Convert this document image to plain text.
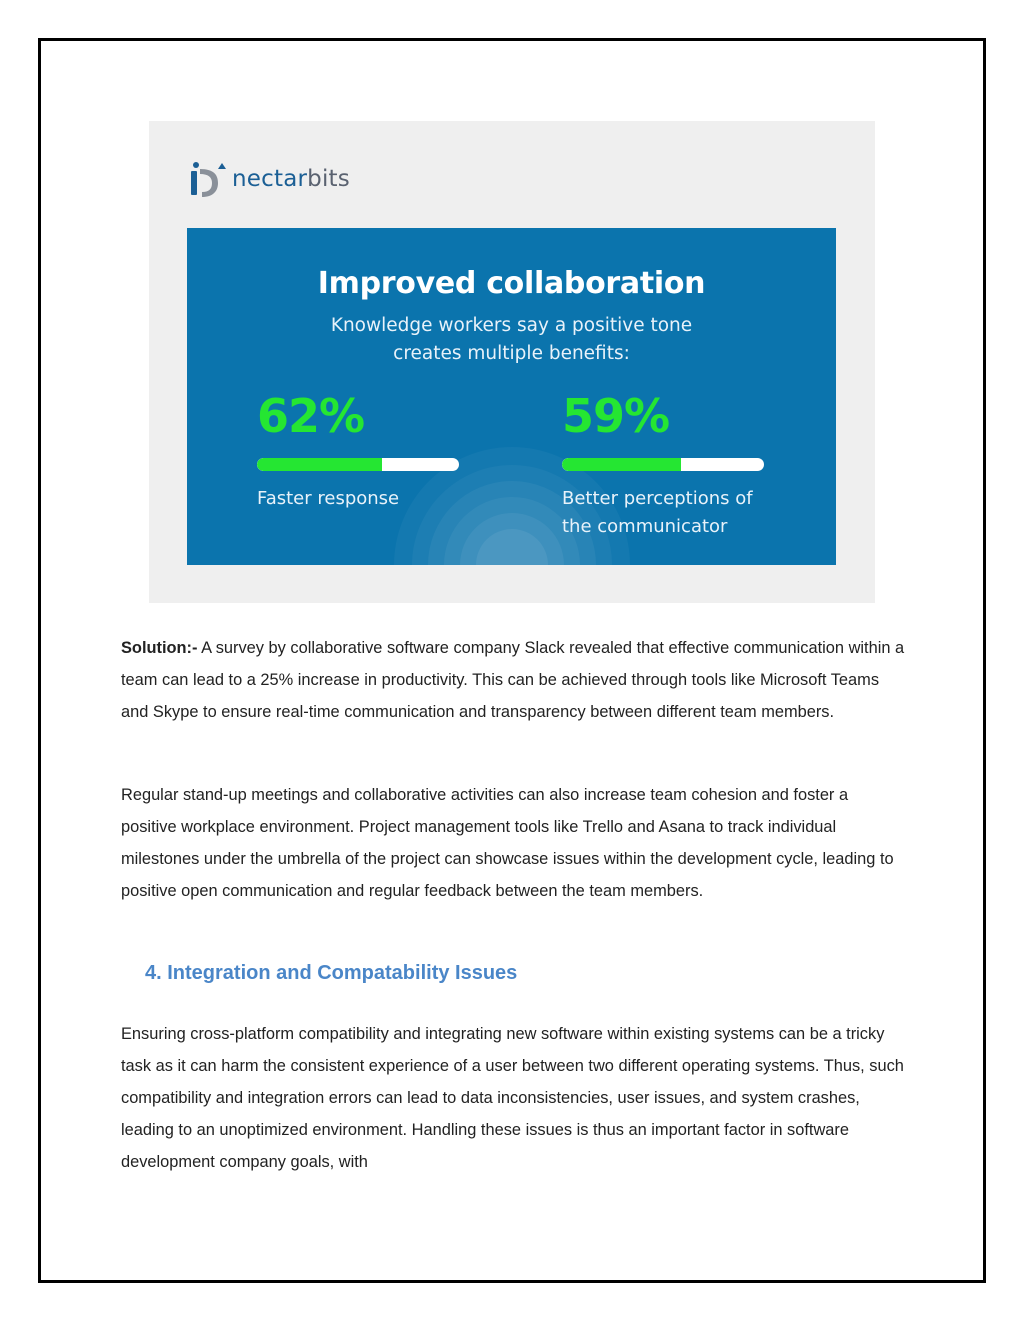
nectarbits
Improved collaboration
Knowledge workers say a positive tone
creates multiple benefits:
62%
Faster response
59%
Better perceptions of
the communicator
Solution:- A survey by collaborative software company Slack revealed that effective communication within a team can lead to a 25% increase in productivity. This can be achieved through tools like Microsoft Teams and Skype to ensure real-time communication and transparency between different team members.
Regular stand-up meetings and collaborative activities can also increase team cohesion and foster a positive workplace environment. Project management tools like Trello and Asana to track individual milestones under the umbrella of the project can showcase issues within the development cycle, leading to positive open communication and regular feedback between the team members.
4. Integration and Compatability Issues
Ensuring cross-platform compatibility and integrating new software within existing systems can be a tricky task as it can harm the consistent experience of a user between two different operating systems. Thus, such compatibility and integration errors can lead to data inconsistencies, user issues, and system crashes, leading to an unoptimized environment. Handling these issues is thus an important factor in software development company goals, with
